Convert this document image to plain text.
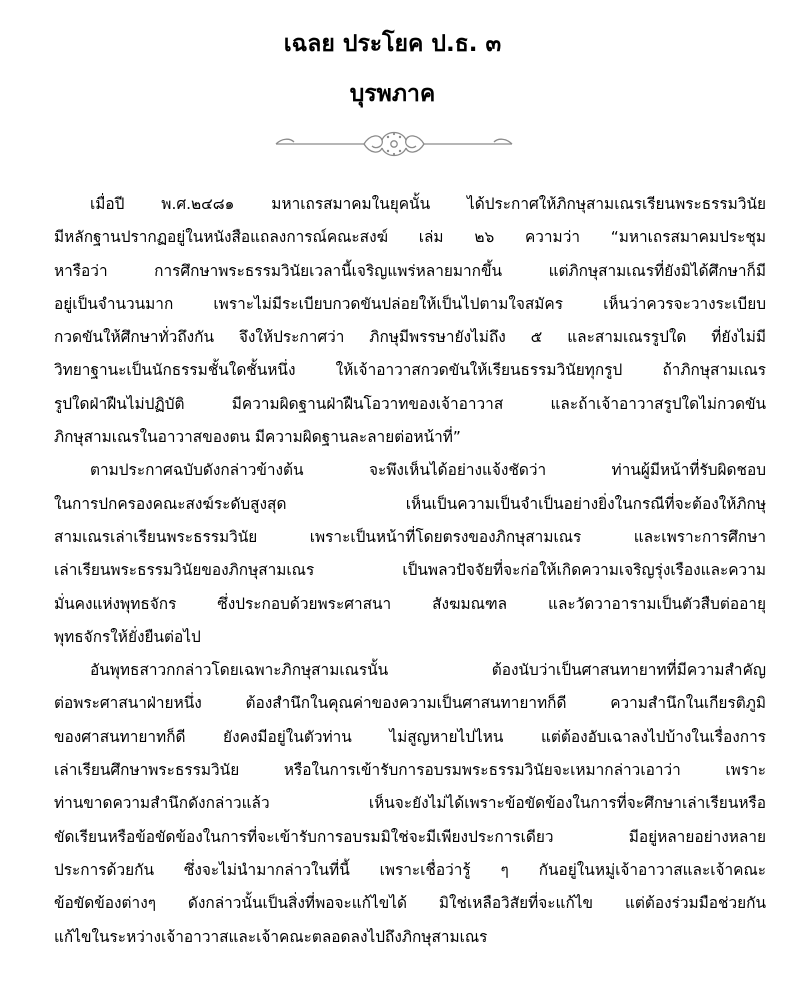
เฉลย ประโยค ป.ธ. ๓
บุรพภาค
เมื่อปี พ.ศ.๒๔๘๑ มหาเถรสมาคมในยุคนั้น ได้ประกาศให้ภิกษุสามเณรเรียนพระธรรมวินัย
มีหลักฐานปรากฏอยู่ในหนังสือแถลงการณ์คณะสงฆ์ เล่ม ๒๖ ความว่า “มหาเถรสมาคมประชุม
หารือว่า การศึกษาพระธรรมวินัยเวลานี้เจริญแพร่หลายมากขึ้น แต่ภิกษุสามเณรที่ยังมิได้ศึกษาก็มี
อยู่เป็นจำนวนมาก เพราะไม่มีระเบียบกวดขันปล่อยให้เป็นไปตามใจสมัคร เห็นว่าควรจะวางระเบียบ
กวดขันให้ศึกษาทั่วถึงกัน จึงให้ประกาศว่า ภิกษุมีพรรษายังไม่ถึง ๕ และสามเณรรูปใด ที่ยังไม่มี
วิทยาฐานะเป็นนักธรรมชั้นใดชั้นหนึ่ง ให้เจ้าอาวาสกวดขันให้เรียนธรรมวินัยทุกรูป ถ้าภิกษุสามเณร
รูปใดฝ่าฝืนไม่ปฏิบัติ มีความผิดฐานฝ่าฝืนโอวาทของเจ้าอาวาส และถ้าเจ้าอาวาสรูปใดไม่กวดขัน
ภิกษุสามเณรในอาวาสของตน มีความผิดฐานละลายต่อหน้าที่”
ตามประกาศฉบับดังกล่าวข้างต้น จะพึงเห็นได้อย่างแจ้งชัดว่า ท่านผู้มีหน้าที่รับผิดชอบ
ในการปกครองคณะสงฆ์ระดับสูงสุด เห็นเป็นความเป็นจำเป็นอย่างยิ่งในกรณีที่จะต้องให้ภิกษุ
สามเณรเล่าเรียนพระธรรมวินัย เพราะเป็นหน้าที่โดยตรงของภิกษุสามเณร และเพราะการศึกษา
เล่าเรียนพระธรรมวินัยของภิกษุสามเณร เป็นพลวปัจจัยที่จะก่อให้เกิดความเจริญรุ่งเรืองและความ
มั่นคงแห่งพุทธจักร ซึ่งประกอบด้วยพระศาสนา สังฆมณฑล และวัดวาอารามเป็นตัวสืบต่ออายุ
พุทธจักรให้ยั่งยืนต่อไป
อันพุทธสาวกกล่าวโดยเฉพาะภิกษุสามเณรนั้น ต้องนับว่าเป็นศาสนทายาทที่มีความสำคัญ
ต่อพระศาสนาฝ่ายหนึ่ง ต้องสำนึกในคุณค่าของความเป็นศาสนทายาทก็ดี ความสำนึกในเกียรติภูมิ
ของศาสนทายาทก็ดี ยังคงมีอยู่ในตัวท่าน ไม่สูญหายไปไหน แต่ต้องอับเฉาลงไปบ้างในเรื่องการ
เล่าเรียนศึกษาพระธรรมวินัย หรือในการเข้ารับการอบรมพระธรรมวินัยจะเหมากล่าวเอาว่า เพราะ
ท่านขาดความสำนึกดังกล่าวแล้ว เห็นจะยังไม่ได้เพราะข้อขัดข้องในการที่จะศึกษาเล่าเรียนหรือ
ขัดเรียนหรือข้อขัดข้องในการที่จะเข้ารับการอบรมมิใช่จะมีเพียงประการเดียว มีอยู่หลายอย่างหลาย
ประการด้วยกัน ซึ่งจะไม่นำมากล่าวในที่นี้ เพราะเชื่อว่ารู้ ๆ กันอยู่ในหมู่เจ้าอาวาสและเจ้าคณะ
ข้อขัดข้องต่างๆ ดังกล่าวนั้นเป็นสิ่งที่พอจะแก้ไขได้ มิใช่เหลือวิสัยที่จะแก้ไข แต่ต้องร่วมมือช่วยกัน
แก้ไขในระหว่างเจ้าอาวาสและเจ้าคณะตลอดลงไปถึงภิกษุสามเณร
